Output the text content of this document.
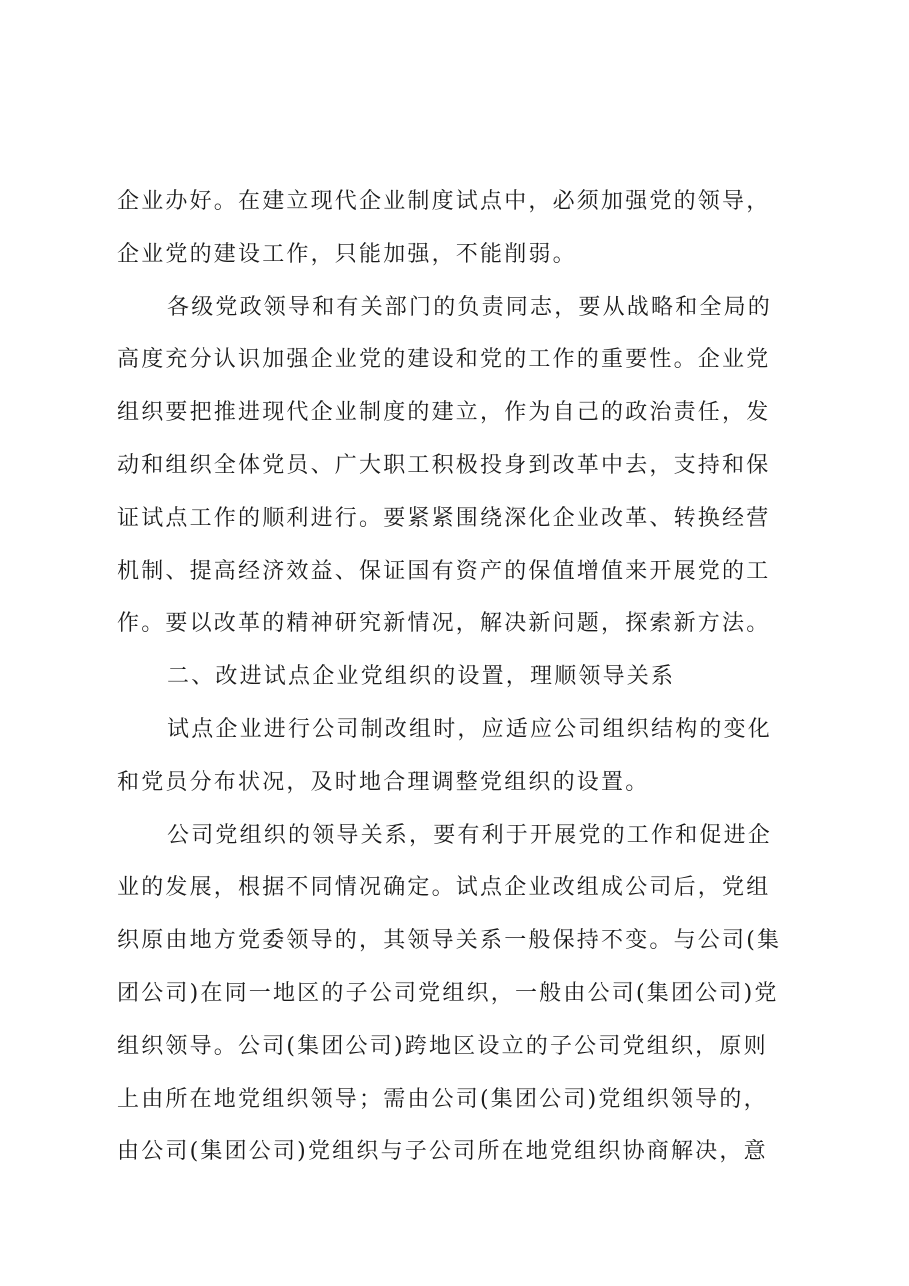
企业办好。在建立现代企业制度试点中，必须加强党的领导，
企业党的建设工作，只能加强，不能削弱。
各级党政领导和有关部门的负责同志，要从战略和全局的
高度充分认识加强企业党的建设和党的工作的重要性。企业党
组织要把推进现代企业制度的建立，作为自己的政治责任，发
动和组织全体党员、广大职工积极投身到改革中去，支持和保
证试点工作的顺利进行。要紧紧围绕深化企业改革、转换经营
机制、提高经济效益、保证国有资产的保值增值来开展党的工
作。要以改革的精神研究新情况，解决新问题，探索新方法。
二、改进试点企业党组织的设置，理顺领导关系
试点企业进行公司制改组时，应适应公司组织结构的变化
和党员分布状况，及时地合理调整党组织的设置。
公司党组织的领导关系，要有利于开展党的工作和促进企
业的发展，根据不同情况确定。试点企业改组成公司后，党组
织原由地方党委领导的，其领导关系一般保持不变。与公司(集
团公司)在同一地区的子公司党组织，一般由公司(集团公司)党
组织领导。公司(集团公司)跨地区设立的子公司党组织，原则
上由所在地党组织领导；需由公司(集团公司)党组织领导的，
由公司(集团公司)党组织与子公司所在地党组织协商解决，意
